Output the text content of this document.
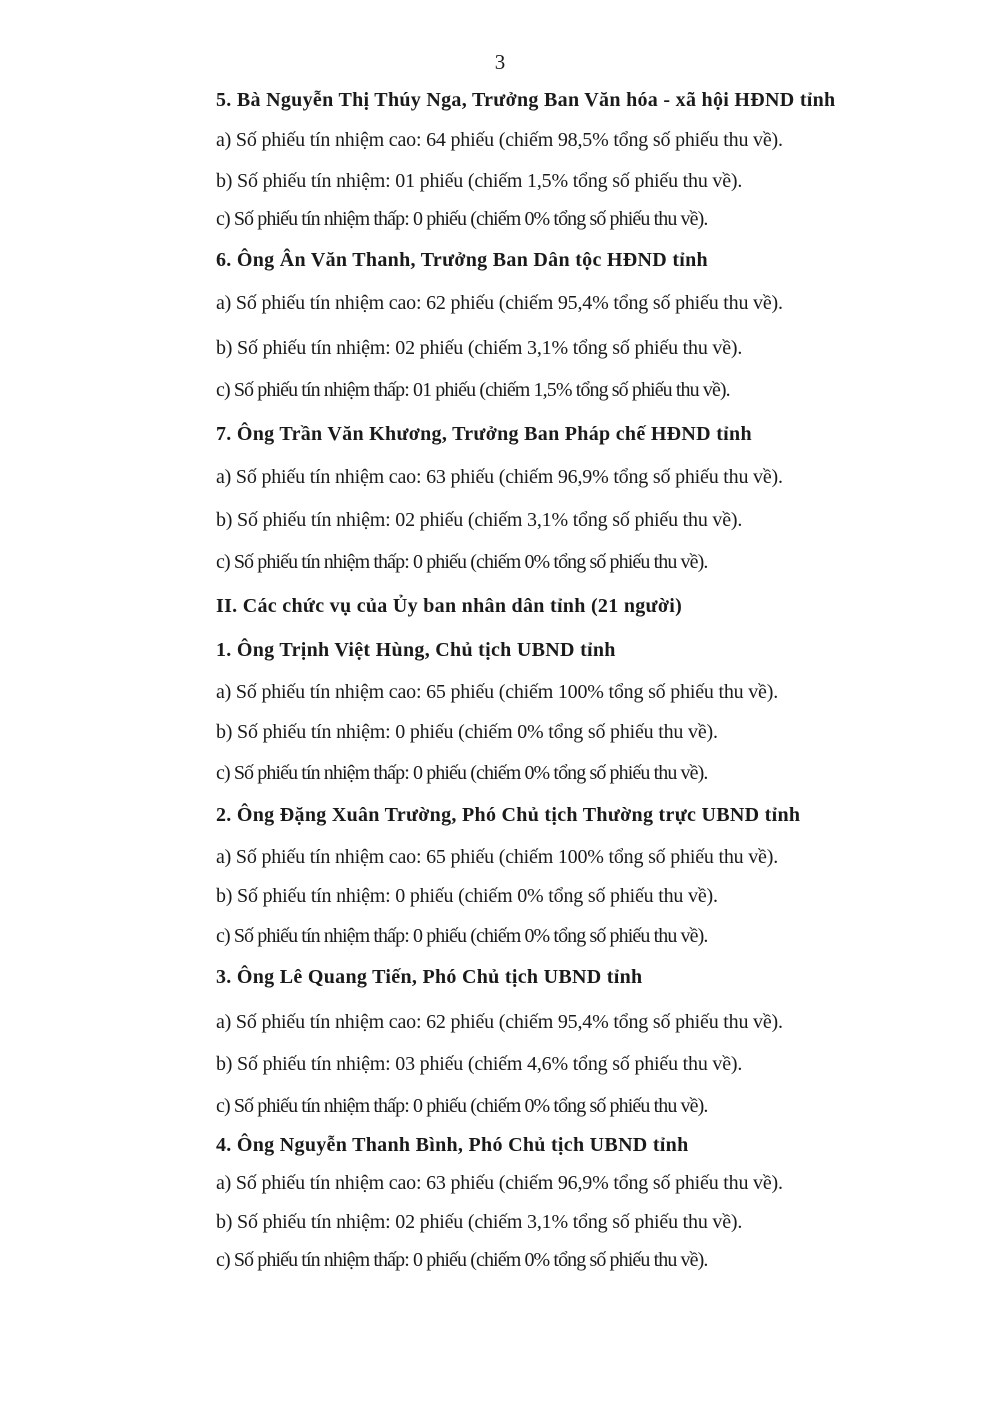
3
5. Bà Nguyễn Thị Thúy Nga, Trưởng Ban Văn hóa - xã hội HĐND tỉnh
a) Số phiếu tín nhiệm cao: 64 phiếu (chiếm 98,5% tổng số phiếu thu về).
b) Số phiếu tín nhiệm: 01 phiếu (chiếm 1,5% tổng số phiếu thu về).
c) Số phiếu tín nhiệm thấp: 0 phiếu (chiếm 0% tổng số phiếu thu về).
6. Ông Ân Văn Thanh, Trưởng Ban Dân tộc HĐND tỉnh
a) Số phiếu tín nhiệm cao: 62 phiếu (chiếm 95,4% tổng số phiếu thu về).
b) Số phiếu tín nhiệm: 02 phiếu (chiếm 3,1% tổng số phiếu thu về).
c) Số phiếu tín nhiệm thấp: 01 phiếu (chiếm 1,5% tổng số phiếu thu về).
7. Ông Trần Văn Khương, Trưởng Ban Pháp chế HĐND tỉnh
a) Số phiếu tín nhiệm cao: 63 phiếu (chiếm 96,9% tổng số phiếu thu về).
b) Số phiếu tín nhiệm: 02 phiếu (chiếm 3,1% tổng số phiếu thu về).
c) Số phiếu tín nhiệm thấp: 0 phiếu (chiếm 0% tổng số phiếu thu về).
II. Các chức vụ của Ủy ban nhân dân tỉnh (21 người)
1. Ông Trịnh Việt Hùng, Chủ tịch UBND tỉnh
a) Số phiếu tín nhiệm cao: 65 phiếu (chiếm 100% tổng số phiếu thu về).
b) Số phiếu tín nhiệm: 0 phiếu (chiếm 0% tổng số phiếu thu về).
c) Số phiếu tín nhiệm thấp: 0 phiếu (chiếm 0% tổng số phiếu thu về).
2. Ông Đặng Xuân Trường, Phó Chủ tịch Thường trực UBND tỉnh
a) Số phiếu tín nhiệm cao: 65 phiếu (chiếm 100% tổng số phiếu thu về).
b) Số phiếu tín nhiệm: 0 phiếu (chiếm 0% tổng số phiếu thu về).
c) Số phiếu tín nhiệm thấp: 0 phiếu (chiếm 0% tổng số phiếu thu về).
3. Ông Lê Quang Tiến, Phó Chủ tịch UBND tỉnh
a) Số phiếu tín nhiệm cao: 62 phiếu (chiếm 95,4% tổng số phiếu thu về).
b) Số phiếu tín nhiệm: 03 phiếu (chiếm 4,6% tổng số phiếu thu về).
c) Số phiếu tín nhiệm thấp: 0 phiếu (chiếm 0% tổng số phiếu thu về).
4. Ông Nguyễn Thanh Bình, Phó Chủ tịch UBND tỉnh
a) Số phiếu tín nhiệm cao: 63 phiếu (chiếm 96,9% tổng số phiếu thu về).
b) Số phiếu tín nhiệm: 02 phiếu (chiếm 3,1% tổng số phiếu thu về).
c) Số phiếu tín nhiệm thấp: 0 phiếu (chiếm 0% tổng số phiếu thu về).
